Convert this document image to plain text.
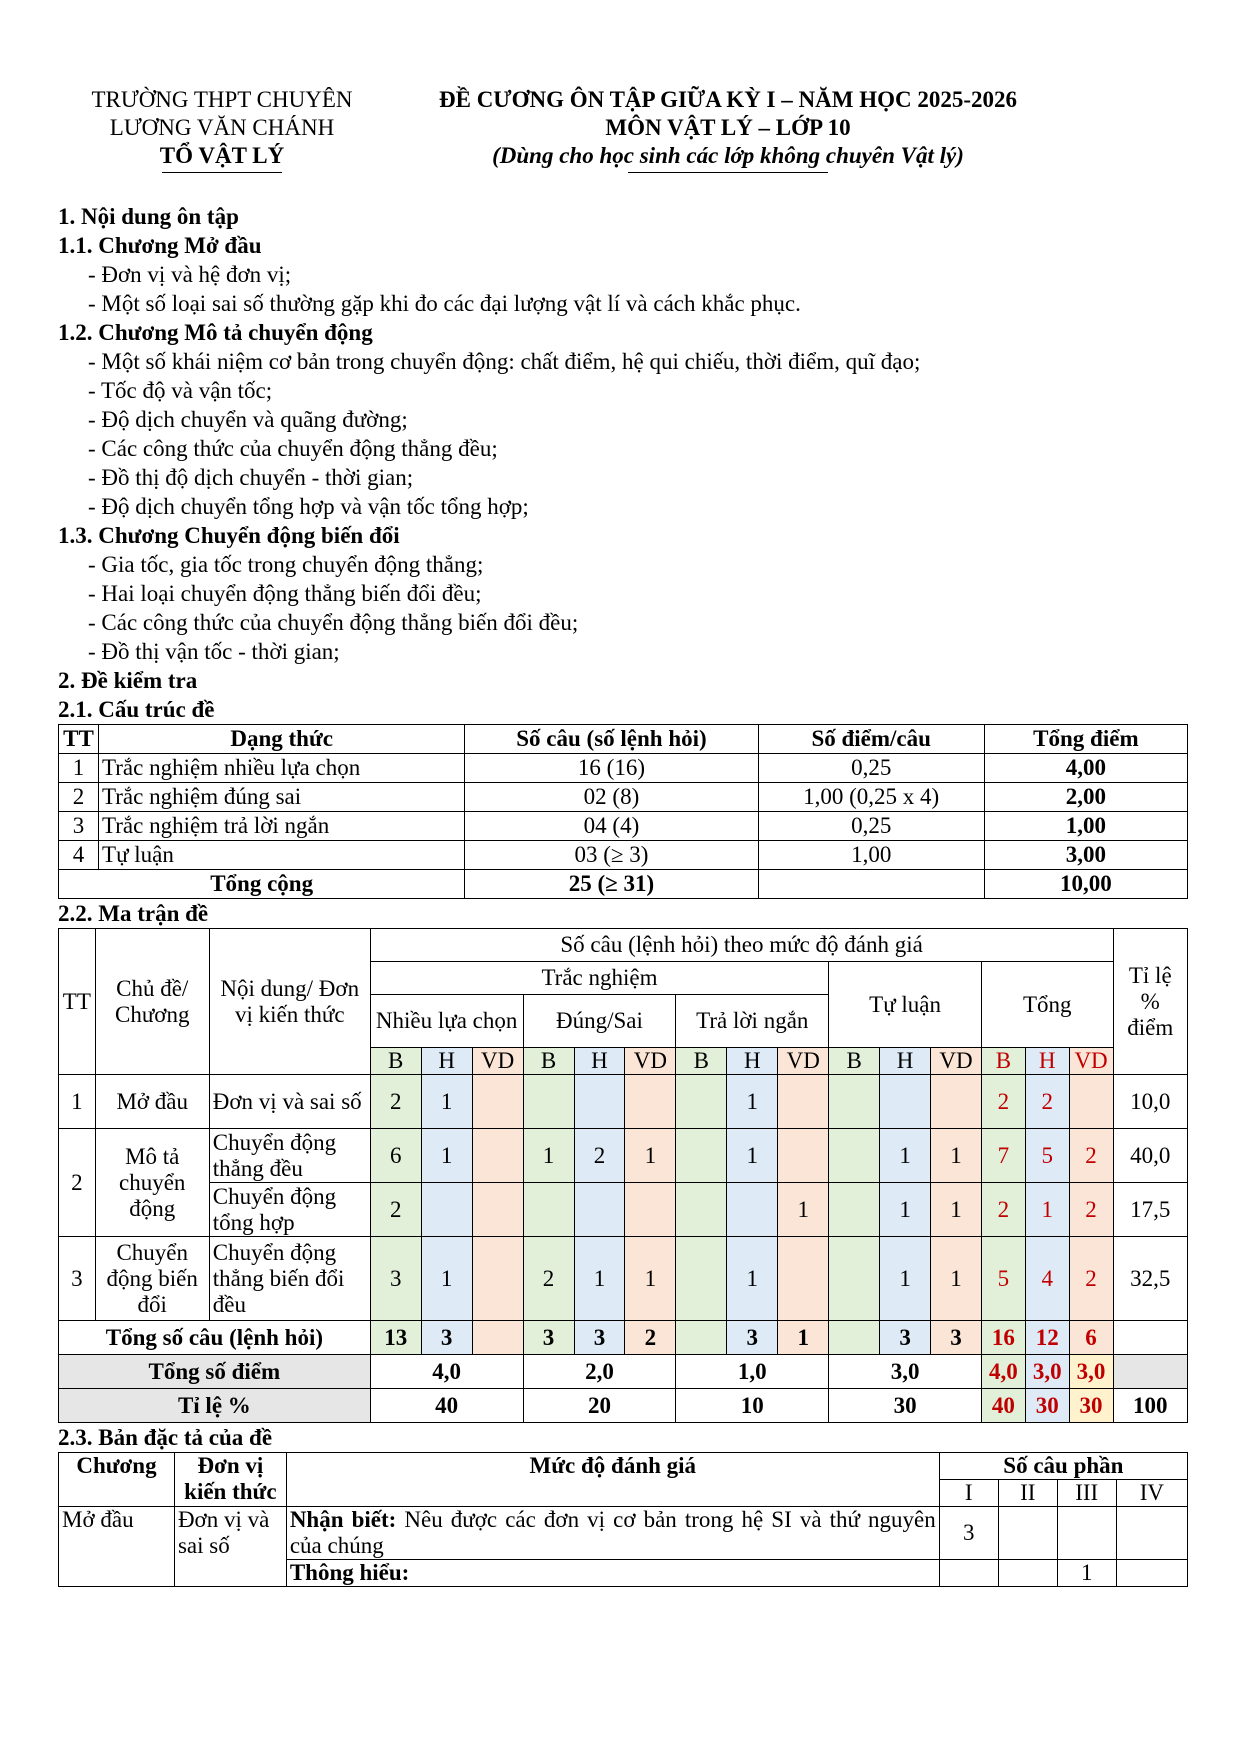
TRƯỜNG THPT CHUYÊN
LƯƠNG VĂN CHÁNH
TỔ VẬT LÝ
ĐỀ CƯƠNG ÔN TẬP GIỮA KỲ I – NĂM HỌC 2025-2026
MÔN VẬT LÝ – LỚP 10
(Dùng cho học sinh các lớp không chuyên Vật lý)

1. Nội dung ôn tập

1.1. Chương Mở đầu

- Đơn vị và hệ đơn vị;

- Một số loại sai số thường gặp khi đo các đại lượng vật lí và cách khắc phục.

1.2. Chương Mô tả chuyển động

- Một số khái niệm cơ bản trong chuyển động: chất điểm, hệ qui chiếu, thời điểm, quĩ đạo;

- Tốc độ và vận tốc;

- Độ dịch chuyển và quãng đường;

- Các công thức của chuyển động thẳng đều;

- Đồ thị độ dịch chuyển - thời gian;

- Độ dịch chuyển tổng hợp và vận tốc tổng hợp;

1.3. Chương Chuyển động biến đổi

- Gia tốc, gia tốc trong chuyển động thẳng;

- Hai loại chuyển động thẳng biến đổi đều;

- Các công thức của chuyển động thẳng biến đổi đều;

- Đồ thị vận tốc - thời gian;

2. Đề kiểm tra

2.1. Cấu trúc đề

TT	Dạng thức	Số câu (số lệnh hỏi)	Số điểm/câu	Tổng điểm
1	Trắc nghiệm nhiều lựa chọn	16 (16)	0,25	4,00
2	Trắc nghiệm đúng sai	02 (8)	1,00 (0,25 x 4)	2,00
3	Trắc nghiệm trả lời ngắn	04 (4)	0,25	1,00
4	Tự luận	03 (≥ 3)	1,00	3,00
Tổng cộng		25 (≥ 31)		10,00

2.2. Ma trận đề

TT	Chủ đề/ Chương	Nội dung/ Đơn vị kiến thức	Số câu (lệnh hỏi) theo mức độ đánh giá															Tỉ lệ % điểm
			Trắc nghiệm									Tự luận			Tổng			
			Nhiều lựa chọn			Đúng/Sai			Trả lời ngắn									
			B	H	VD	B	H	VD	B	H	VD	B	H	VD	B	H	VD	
1	Mở đầu	Đơn vị và sai số	2	1						1					2	2		10,0
2	Mô tả chuyển động	Chuyển động thẳng đều	6	1		1	2	1		1			1	1	7	5	2	40,0
		Chuyển động tổng hợp	2								1		1	1	2	1	2	17,5
3	Chuyển động biến đổi	Chuyển động thẳng biến đổi đều	3	1		2	1	1		1			1	1	5	4	2	32,5
Tổng số câu (lệnh hỏi)			13	3		3	3	2		3	1		3	3	16	12	6	
Tổng số điểm			4,0			2,0			1,0			3,0			4,0	3,0	3,0	
Tỉ lệ %			40			20			10			30			40	30	30	100

2.3. Bản đặc tả của đề

Chương	Đơn vị kiến thức	Mức độ đánh giá	Số câu phần			
			I	II	III	IV
Mở đầu	Đơn vị và sai số	Nhận biết: Nêu được các đơn vị cơ bản trong hệ SI và thứ nguyên của chúng	3			
		Thông hiểu:			1	
